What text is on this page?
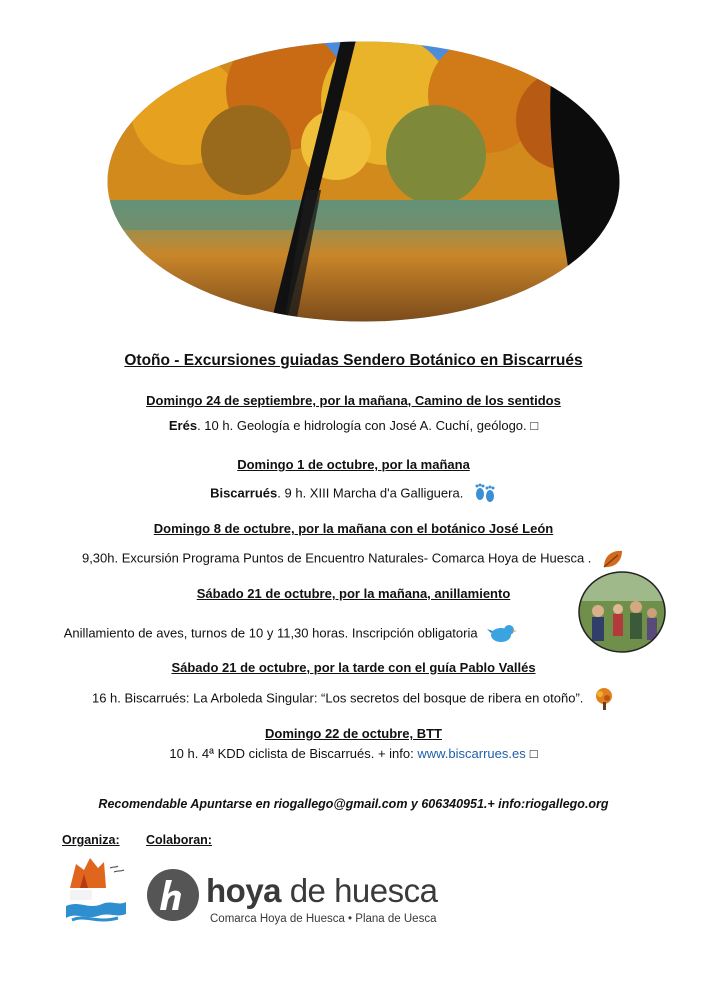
Otoño - Excursiones guiadas Sendero Botánico en Biscarrués
Domingo 24 de septiembre, por la mañana, Camino de los sentidos
Erés. 10 h. Geología e hidrología con José A. Cuchí, geólogo. □
Domingo 1 de octubre, por la mañana
Biscarrués. 9 h. XIII Marcha d'a Galliguera.
Domingo 8 de octubre, por la mañana con el botánico José León
9,30h. Excursión Programa Puntos de Encuentro Naturales- Comarca Hoya de Huesca .
Sábado 21 de octubre, por la mañana, anillamiento
Anillamiento de aves, turnos de 10 y 11,30 horas. Inscripción obligatoria
Sábado 21 de octubre, por la tarde con el guía Pablo Vallés
16 h. Biscarrués: La Arboleda Singular: “Los secretos del bosque de ribera en otoño”.
Domingo 22 de octubre, BTT
10 h. 4ª KDD ciclista de Biscarrués. + info: www.biscarrues.es □
Recomendable Apuntarse en riogallego@gmail.com y 606340951.+ info:riogallego.org
Organiza: Colaboran:
hoya de huesca
Comarca Hoya de Huesca • Plana de Uesca
